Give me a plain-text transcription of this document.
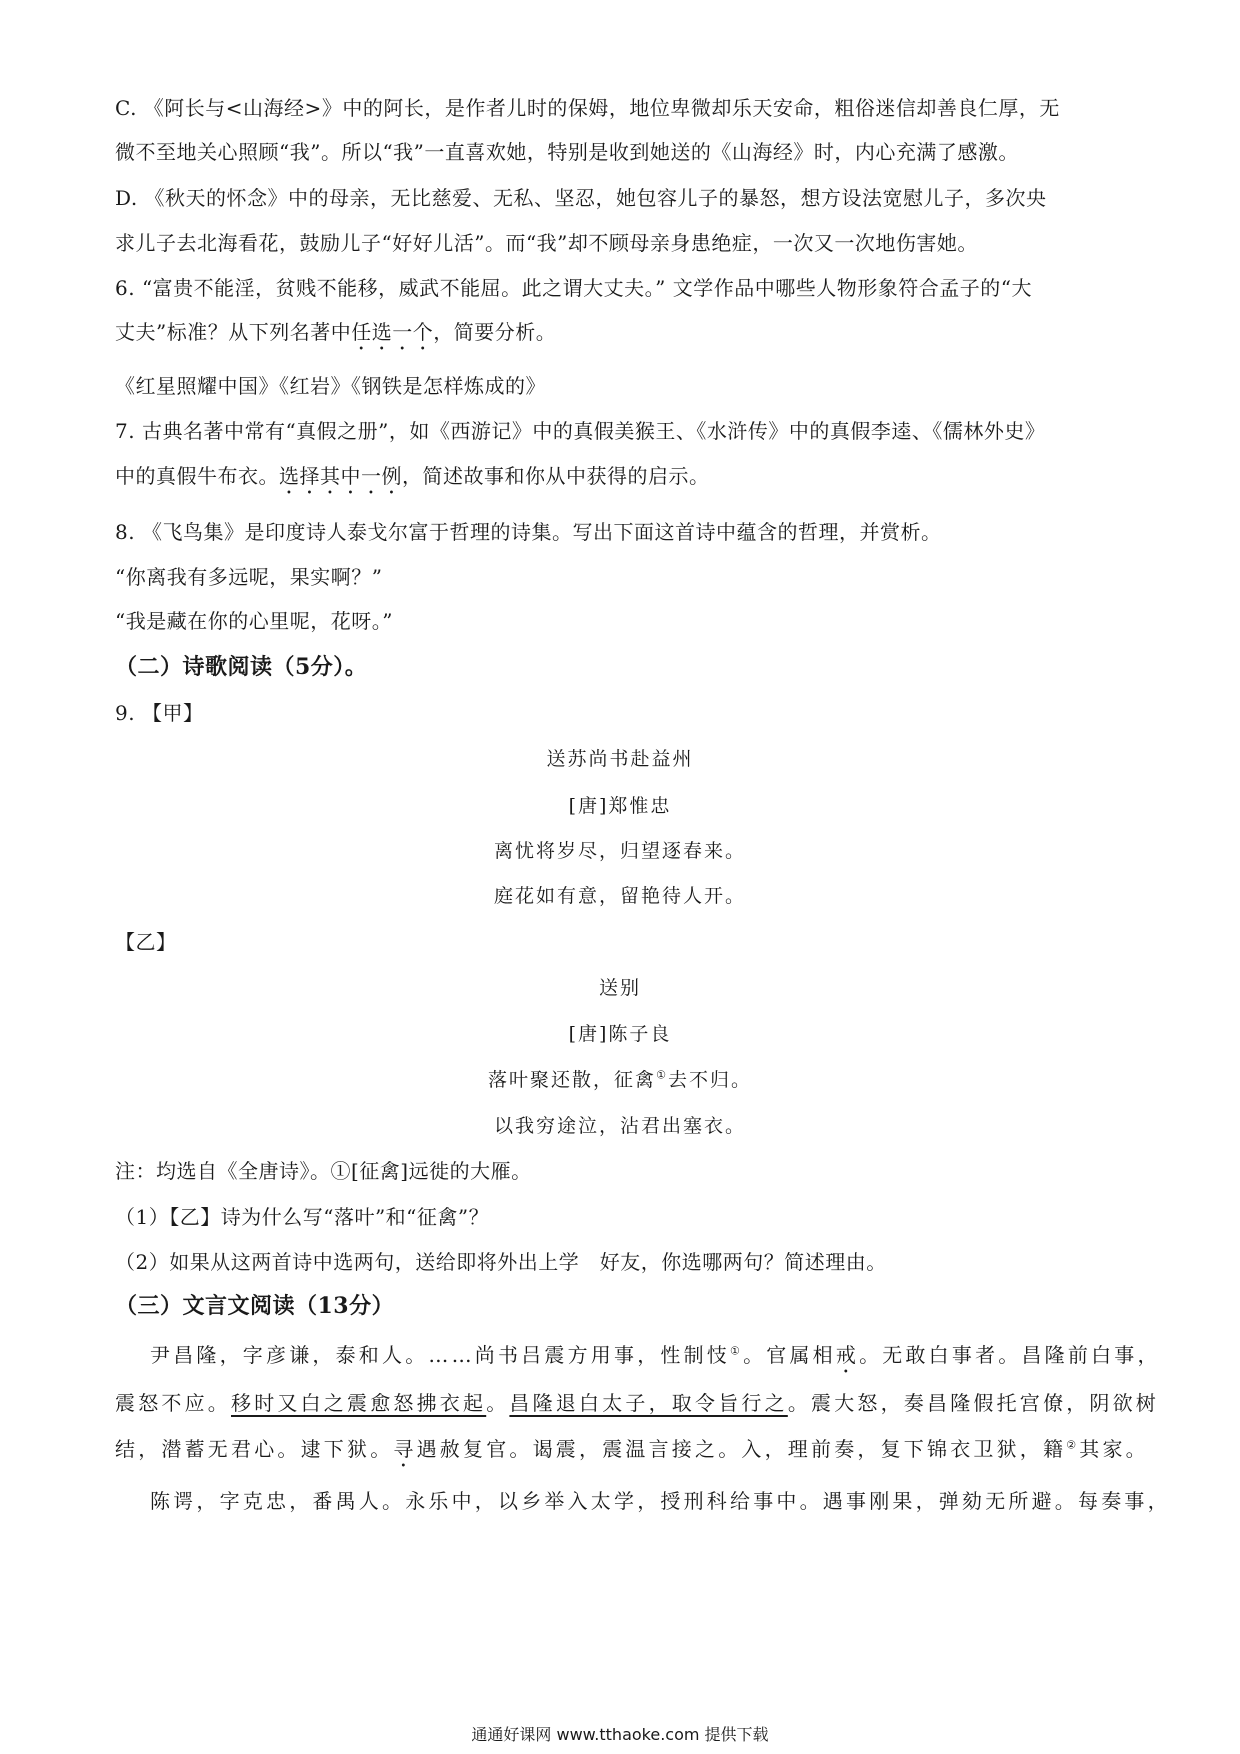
C. 《阿长与<山海经>》中的阿长，是作者儿时的保姆，地位卑微却乐天安命，粗俗迷信却善良仁厚，无
微不至地关心照顾“我”。所以“我”一直喜欢她，特别是收到她送的《山海经》时，内心充满了感激。
D. 《秋天的怀念》中的母亲，无比慈爱、无私、坚忍，她包容儿子的暴怒，想方设法宽慰儿子，多次央
求儿子去北海看花，鼓励儿子“好好儿活”。而“我”却不顾母亲身患绝症，一次又一次地伤害她。
6. “富贵不能淫，贫贱不能移，威武不能屈。此之谓大丈夫。” 文学作品中哪些人物形象符合孟子的“大
丈夫”标准？从下列名著中任选一个，简要分析。
《红星照耀中国》《红岩》《钢铁是怎样炼成的》
7. 古典名著中常有“真假之册”，如《西游记》中的真假美猴王、《水浒传》中的真假李逵、《儒林外史》
中的真假牛布衣。选择其中一例，简述故事和你从中获得的启示。
8. 《飞鸟集》是印度诗人泰戈尔富于哲理的诗集。写出下面这首诗中蕴含的哲理，并赏析。
“你离我有多远呢，果实啊？”
“我是藏在你的心里呢，花呀。”
（二）诗歌阅读（5分）。
9. 【甲】
送苏尚书赴益州
[唐]郑惟忠
离忧将岁尽，归望逐春来。
庭花如有意，留艳待人开。
【乙】
送别
[唐]陈子良
落叶聚还散，征禽①去不归。
以我穷途泣，沾君出塞衣。
注：均选自《全唐诗》。①[征禽]远徙的大雁。
（1）【乙】诗为什么写“落叶”和“征禽”？
（2）如果从这两首诗中选两句，送给即将外出上学　好友，你选哪两句？简述理由。
（三）文言文阅读（13分）
尹昌隆，字彦谦，泰和人。……尚书吕震方用事，性制忮①。官属相戒。无敢白事者。昌隆前白事，
震怒不应。移时又白之震愈怒拂衣起。昌隆退白太子，取令旨行之。震大怒，奏昌隆假托宫僚，阴欲树
结，潜蓄无君心。逮下狱。寻遇赦复官。谒震，震温言接之。入，理前奏，复下锦衣卫狱，籍②其家。
陈谔，字克忠，番禺人。永乐中，以乡举入太学，授刑科给事中。遇事刚果，弹劾无所避。每奏事，
通通好课网 www.tthaoke.com 提供下载
